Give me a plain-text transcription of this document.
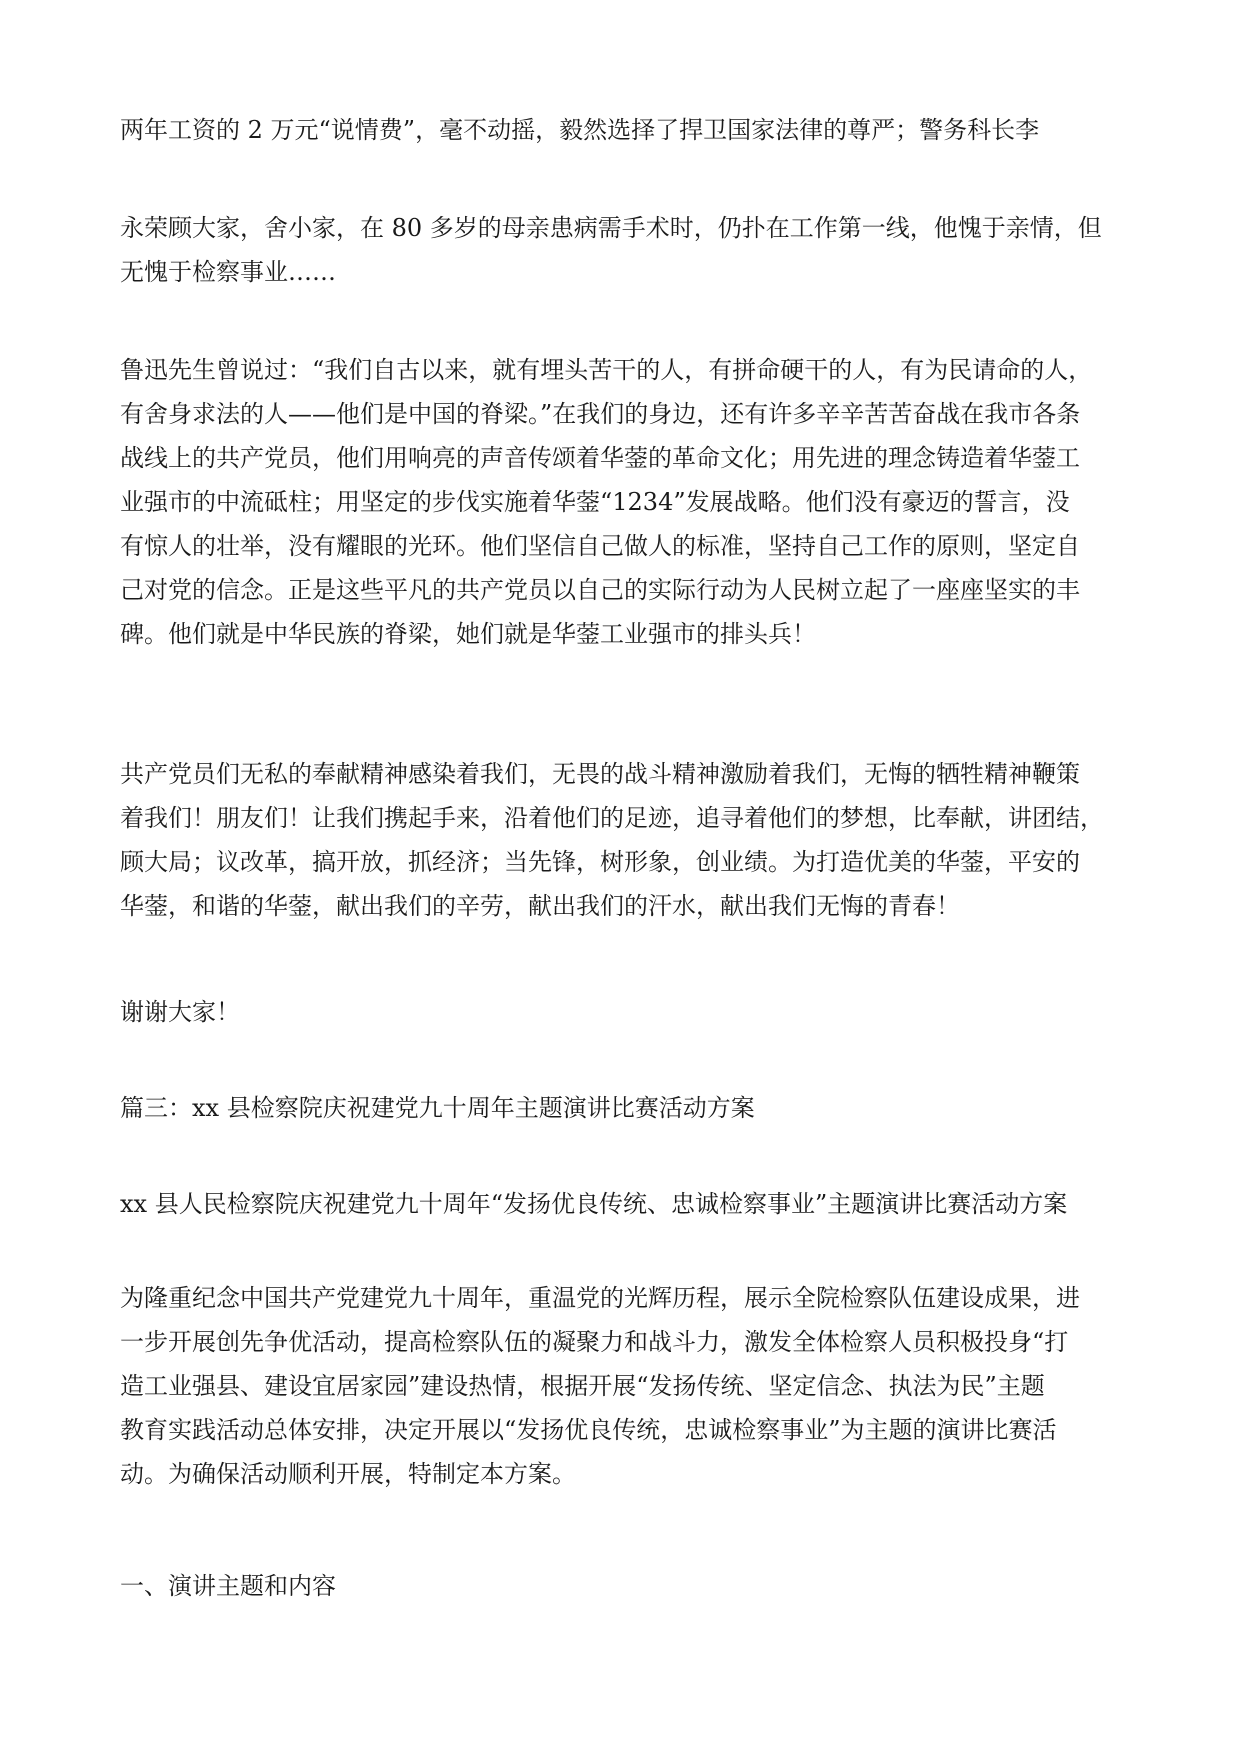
两年工资的 2 万元“说情费”，毫不动摇，毅然选择了捍卫国家法律的尊严；警务科长李
永荣顾大家，舍小家，在 80 多岁的母亲患病需手术时，仍扑在工作第一线，他愧于亲情，但
无愧于检察事业……
鲁迅先生曾说过：“我们自古以来，就有埋头苦干的人，有拼命硬干的人，有为民请命的人，
有舍身求法的人——他们是中国的脊梁。”在我们的身边，还有许多辛辛苦苦奋战在我市各条
战线上的共产党员，他们用响亮的声音传颂着华蓥的革命文化；用先进的理念铸造着华蓥工
业强市的中流砥柱；用坚定的步伐实施着华蓥“1234”发展战略。他们没有豪迈的誓言，没
有惊人的壮举，没有耀眼的光环。他们坚信自己做人的标准，坚持自己工作的原则，坚定自
己对党的信念。正是这些平凡的共产党员以自己的实际行动为人民树立起了一座座坚实的丰
碑。他们就是中华民族的脊梁，她们就是华蓥工业强市的排头兵！
共产党员们无私的奉献精神感染着我们，无畏的战斗精神激励着我们，无悔的牺牲精神鞭策
着我们！朋友们！让我们携起手来，沿着他们的足迹，追寻着他们的梦想，比奉献，讲团结，
顾大局；议改革，搞开放，抓经济；当先锋，树形象，创业绩。为打造优美的华蓥，平安的
华蓥，和谐的华蓥，献出我们的辛劳，献出我们的汗水，献出我们无悔的青春！
谢谢大家！
篇三：xx 县检察院庆祝建党九十周年主题演讲比赛活动方案
xx 县人民检察院庆祝建党九十周年“发扬优良传统、忠诚检察事业”主题演讲比赛活动方案
为隆重纪念中国共产党建党九十周年，重温党的光辉历程，展示全院检察队伍建设成果，进
一步开展创先争优活动，提高检察队伍的凝聚力和战斗力，激发全体检察人员积极投身“打
造工业强县、建设宜居家园”建设热情，根据开展“发扬传统、坚定信念、执法为民”主题
教育实践活动总体安排，决定开展以“发扬优良传统，忠诚检察事业”为主题的演讲比赛活
动。为确保活动顺利开展，特制定本方案。
一、演讲主题和内容
